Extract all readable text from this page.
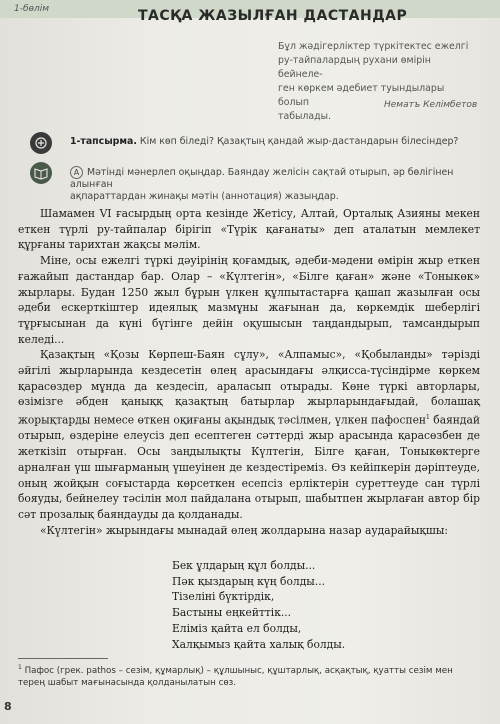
1-бөлім	ТАСҚА ЖАЗЫЛҒАН ДАСТАНДАР
Бұл жәдігерліктер түркітектес ежелгі
ру-тайпалардың рухани өмірін бейнеле-
ген көркем әдебиет туындылары болып
табылады.
Нематъ Келімбетов
1-тапсырма. Кім көп біледі? Қазақтың қандай жыр-дастандарын білесіндер?
A Мәтінді мәнерлеп оқыңдар. Баяндау желісін сақтай отырып, әр бөлігінен алынған
ақпараттардан жинақы мәтін (аннотация) жазыңдар.

Шамамен VI ғасырдың орта кезінде Жетісу, Алтай, Орталық Азияны мекен еткен түрлі ру-тайпалар бірігіп «Түрік қағанаты» деп аталатын мемлекет құрғаны тарихтан жақсы мәлім.

Міне, осы ежелгі түркі дәуірінің қоғамдық, әдеби-мәдени өмірін жыр еткен ғажайып дастандар бар. Олар – «Күлтегін», «Білге қаған» және «Тоныкөк» жырлары. Будан 1250 жыл бұрын үлкен құлпытастарға қашап жазылған осы әдеби ескерткіштер идеялық мазмұны жағынан да, көркемдік шеберлігі тұрғысынан да күні бүгінге дейін оқушысын таңдандырып, тамсандырып келеді...

Қазақтың «Қозы Көрпеш-Баян сұлу», «Алпамыс», «Қобыланды» тәрізді әйгілі жырларында кездесетін өлең арасындағы әлқисса-түсіндірме көркем қарасөздер мұнда да кездесіп, араласып отырады. Көне түркі авторлары, өзімізге әбден қаныққ қазақтың батырлар жырларындағыдай, болашақ жорықтарды немесе өткен оқиғаны ақындық тәсілмен, үлкен пафоспен$^1$ баяндай отырып, өздеріне елеусіз деп есептеген сәттерді жыр арасында қарасөзбен де жеткізіп отырған. Осы заңдылықты Күлтегін, Білге қаған, Тоныкөктерге арналған үш шығарманың үшеуінен де кездестіреміз. Өз кейіпкерін дәріптеуде, оның жойқын соғыстарда көрсеткен есепсіз ерліктерін суреттеуде сан түрлі бояуды, бейнелеу тәсілін мол пайдалана отырып, шабытпен жырлаған автор бір сәт прозалық баяндауды да қолданады.

«Күлтегін» жырындағы мынадай өлең жолдарына назар аударайықшы:

Бек ұлдарың құл болды...
Пәк қыздарың күң болды...
Тізеліні бүктірдік,
Бастыны еңкейттік...
Еліміз қайта ел болды,
Халқымыз қайта халық болды.
$^1$ Пафос (грек. pathos – сезім, құмарлық) – құлшыныс, құштарлық, асқақтық, қуатты сезім мен терең шабыт мағынасында қолданылатын сөз.
8
